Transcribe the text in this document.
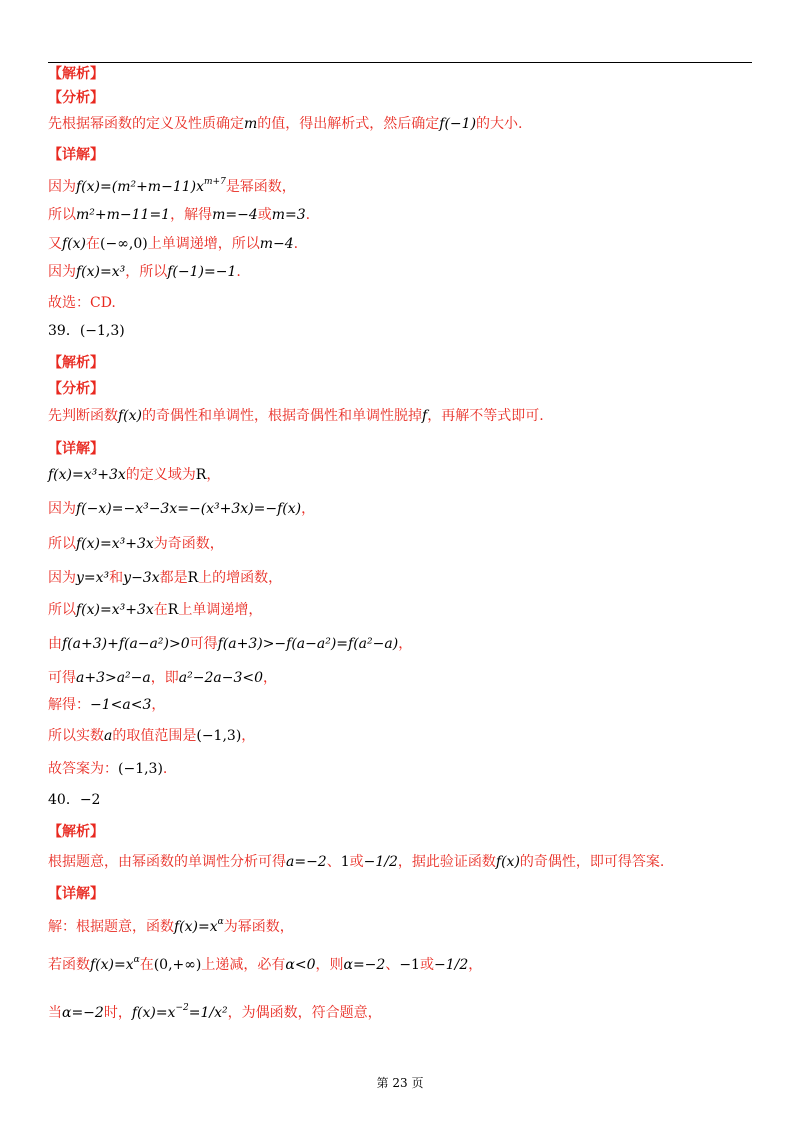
【解析】
【分析】
先根据幂函数的定义及性质确定m的值，得出解析式，然后确定f(−1)的大小.
【详解】
因为$f(x)=(m^2+m-11)x^{m+7}$是幂函数，
所以m²+m−11=1，解得m=−4或m=3.
又f(x)在(−∞,0)上单调递增，所以m−4.
因为f(x)=x³，所以f(−1)=−1.
故选：CD.
39．(−1,3)
【解析】
【分析】
先判断函数f(x)的奇偶性和单调性，根据奇偶性和单调性脱掉f，再解不等式即可.
【详解】
f(x)=x³+3x的定义域为R，
因为f(−x)=−x³−3x=−(x³+3x)=−f(x)，
所以f(x)=x³+3x为奇函数，
因为y=x³和y−3x都是R上的增函数，
所以f(x)=x³+3x在R上单调递增，
由f(a+3)+f(a−a²)>0可得f(a+3)>−f(a−a²)=f(a²−a)，
可得a+3>a²−a，即a²−2a−3<0，
解得：−1<a<3，
所以实数a的取值范围是(−1,3)，
故答案为：(−1,3).
40．−2
【解析】
根据题意，由幂函数的单调性分析可得a=−2、1或−1/2，据此验证函数f(x)的奇偶性，即可得答案.
【详解】
解：根据题意，函数$f(x)=x^\alpha$为幂函数，
若函数$f(x)=x^\alpha$在(0,+∞)上递减，必有α<0，则α=−2、−1或−1/2，
当α=−2时，$f(x)=x^{-2}=1/x^2$，为偶函数，符合题意，
第 23 页
